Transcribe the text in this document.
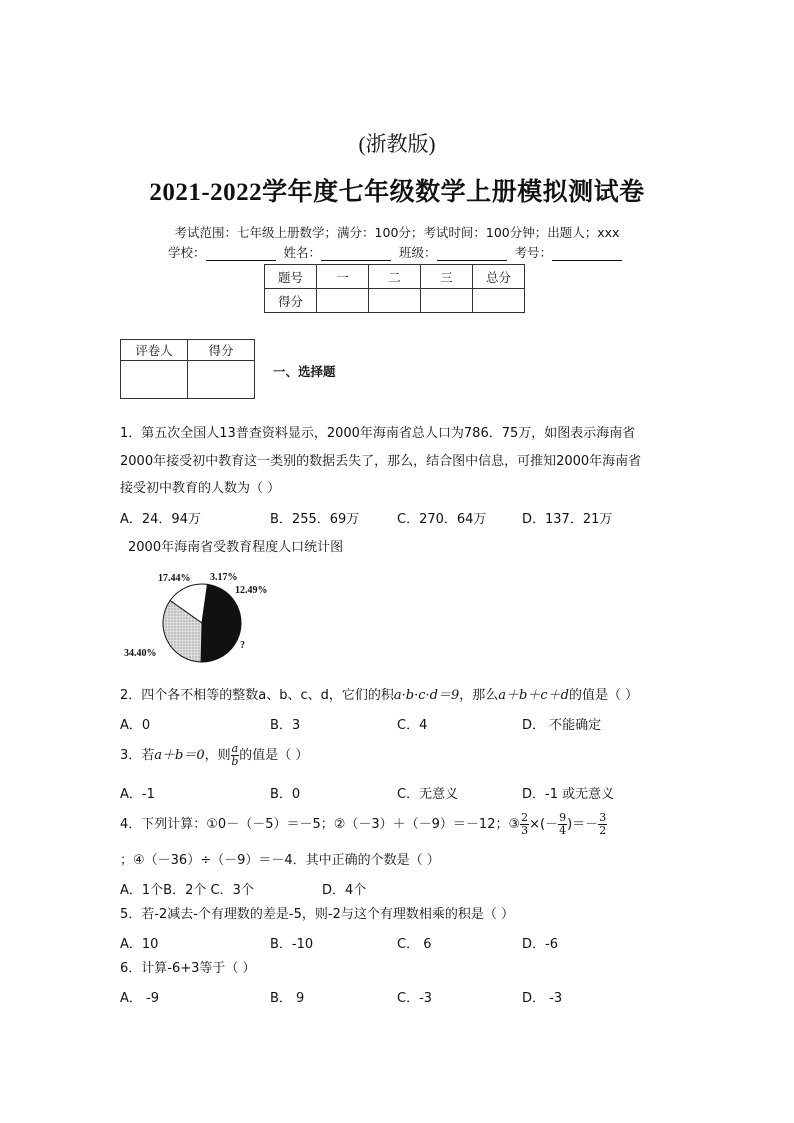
(浙教版)
2021-2022学年度七年级数学上册模拟测试卷
考试范围：七年级上册数学；满分：100分；考试时间：100分钟；出题人；xxx
学校：	姓名：	班级：	考号：
题号	一	二	三	总分
得分				
评卷人	得分

一、选择题
1．第五次全国人13普查资料显示，2000年海南省总人口为786．75万，如图表示海南省
2000年接受初中教育这一类别的数据丢失了，那么，结合图中信息，可推知2000年海南省
接受初中教育的人数为（ ）
A．24．94万	B．255．69万	C．270．64万	D．137．21万
2000年海南省受教育程度人口统计图
17.44% 3.17%
12.49%
?
34.40%
2．四个各不相等的整数a、b、c、d，它们的积a·b·c·d＝9，那么a＋b＋c＋d的值是（ ）
A．0	B．3	C．4	D． 不能确定
3．若a＋b＝0，则 $\frac{a}{b}$ 的值是（ ）
A．-1	B．0	C．无意义	D．-1 或无意义
4．下列计算：①0－（－5）＝－5；②（－3）＋（－9）＝－12；③ $\frac{2}{3}$ ×(－ $\frac{9}{4}$ )＝－ $\frac{3}{2}$
；④（－36）÷（－9）＝－4．其中正确的个数是（ ）
A．1个B．2个 C．3个	D．4个
5．若-2减去-个有理数的差是-5，则-2与这个有理数相乘的积是（ ）
A．10	B．-10	C． 6	D．-6
6．计算-6+3等于（ ）
A． -9	B． 9	C．-3	D． -3
